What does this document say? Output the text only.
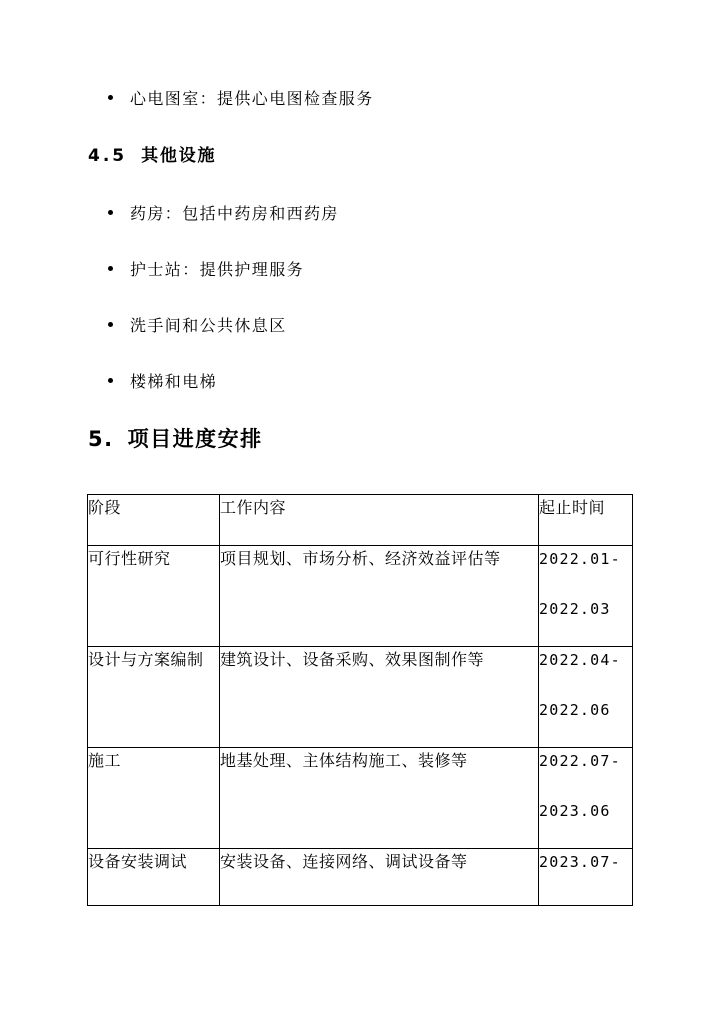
心电图室：提供心电图检查服务
4.5 其他设施
药房：包括中药房和西药房
护士站：提供护理服务
洗手间和公共休息区
楼梯和电梯
5. 项目进度安排
阶段	工作内容	起止时间
可行性研究	项目规划、市场分析、经济效益评估等	2022.01-
2022.03

设计与方案编制	建筑设计、设备采购、效果图制作等	2022.04-
2022.06

施工	地基处理、主体结构施工、装修等	2022.07-
2023.06

设备安装调试	安装设备、连接网络、调试设备等	2023.07-
